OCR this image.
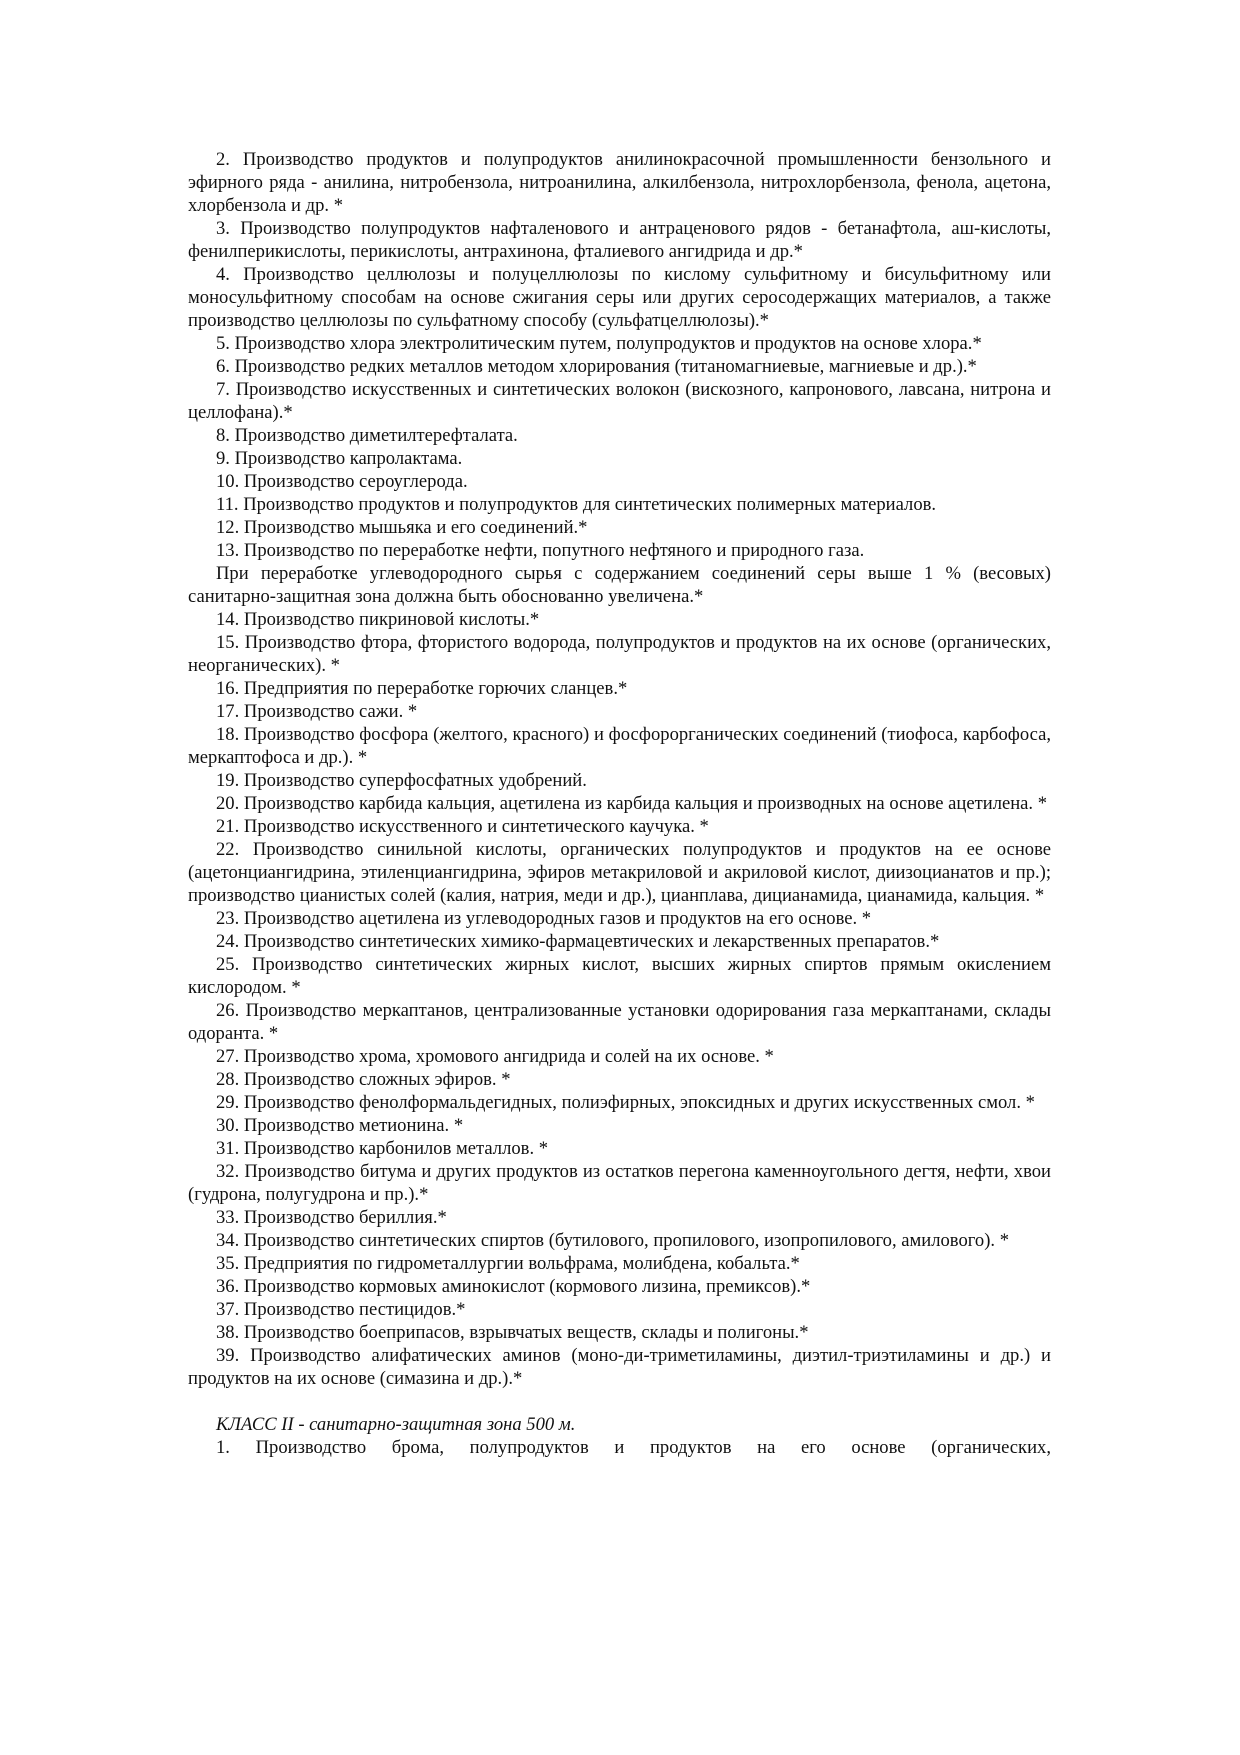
2. Производство продуктов и полупродуктов анилинокрасочной промышленности бензольного и эфирного ряда - анилина, нитробензола, нитроанилина, алкилбензола, нитрохлорбензола, фенола, ацетона, хлорбензола и др. *

3. Производство полупродуктов нафталенового и антраценового рядов - бетанафтола, аш-кислоты, фенилперикислоты, перикислоты, антрахинона, фталиевого ангидрида и др.*

4. Производство целлюлозы и полуцеллюлозы по кислому сульфитному и бисульфитному или моносульфитному способам на основе сжигания серы или других серосодержащих материалов, а также производство целлюлозы по сульфатному способу (сульфатцеллюлозы).*

5. Производство хлора электролитическим путем, полупродуктов и продуктов на основе хлора.*

6. Производство редких металлов методом хлорирования (титаномагниевые, магниевые и др.).*

7. Производство искусственных и синтетических волокон (вискозного, капронового, лавсана, нитрона и целлофана).*

8. Производство диметилтерефталата.

9. Производство капролактама.

10. Производство сероуглерода.

11. Производство продуктов и полупродуктов для синтетических полимерных материалов.

12. Производство мышьяка и его соединений.*

13. Производство по переработке нефти, попутного нефтяного и природного газа.

При переработке углеводородного сырья с содержанием соединений серы выше 1 % (весовых) санитарно-защитная зона должна быть обоснованно увеличена.*

14. Производство пикриновой кислоты.*

15. Производство фтора, фтористого водорода, полупродуктов и продуктов на их основе (органических, неорганических). *

16. Предприятия по переработке горючих сланцев.*

17. Производство сажи. *

18. Производство фосфора (желтого, красного) и фосфорорганических соединений (тиофоса, карбофоса, меркаптофоса и др.). *

19. Производство суперфосфатных удобрений.

20. Производство карбида кальция, ацетилена из карбида кальция и производных на основе ацетилена. *

21. Производство искусственного и синтетического каучука. *

22. Производство синильной кислоты, органических полупродуктов и продуктов на ее основе (ацетонциангидрина, этиленциангидрина, эфиров метакриловой и акриловой кислот, диизоцианатов и пр.); производство цианистых солей (калия, натрия, меди и др.), цианплава, дицианамида, цианамида, кальция. *

23. Производство ацетилена из углеводородных газов и продуктов на его основе. *

24. Производство синтетических химико-фармацевтических и лекарственных препаратов.*

25. Производство синтетических жирных кислот, высших жирных спиртов прямым окислением кислородом. *

26. Производство меркаптанов, централизованные установки одорирования газа меркаптанами, склады одоранта. *

27. Производство хрома, хромового ангидрида и солей на их основе. *

28. Производство сложных эфиров. *

29. Производство фенолформальдегидных, полиэфирных, эпоксидных и других искусственных смол. *

30. Производство метионина. *

31. Производство карбонилов металлов. *

32. Производство битума и других продуктов из остатков перегона каменноугольного дегтя, нефти, хвои (гудрона, полугудрона и пр.).*

33. Производство бериллия.*

34. Производство синтетических спиртов (бутилового, пропилового, изопропилового, амилового). *

35. Предприятия по гидрометаллургии вольфрама, молибдена, кобальта.*

36. Производство кормовых аминокислот (кормового лизина, премиксов).*

37. Производство пестицидов.*

38. Производство боеприпасов, взрывчатых веществ, склады и полигоны.*

39. Производство алифатических аминов (моно-ди-триметиламины, диэтил-триэтиламины и др.) и продуктов на их основе (симазина и др.).*

КЛАСС II - санитарно-защитная зона 500 м.

1. Производство брома, полупродуктов и продуктов на его основе (органических,
